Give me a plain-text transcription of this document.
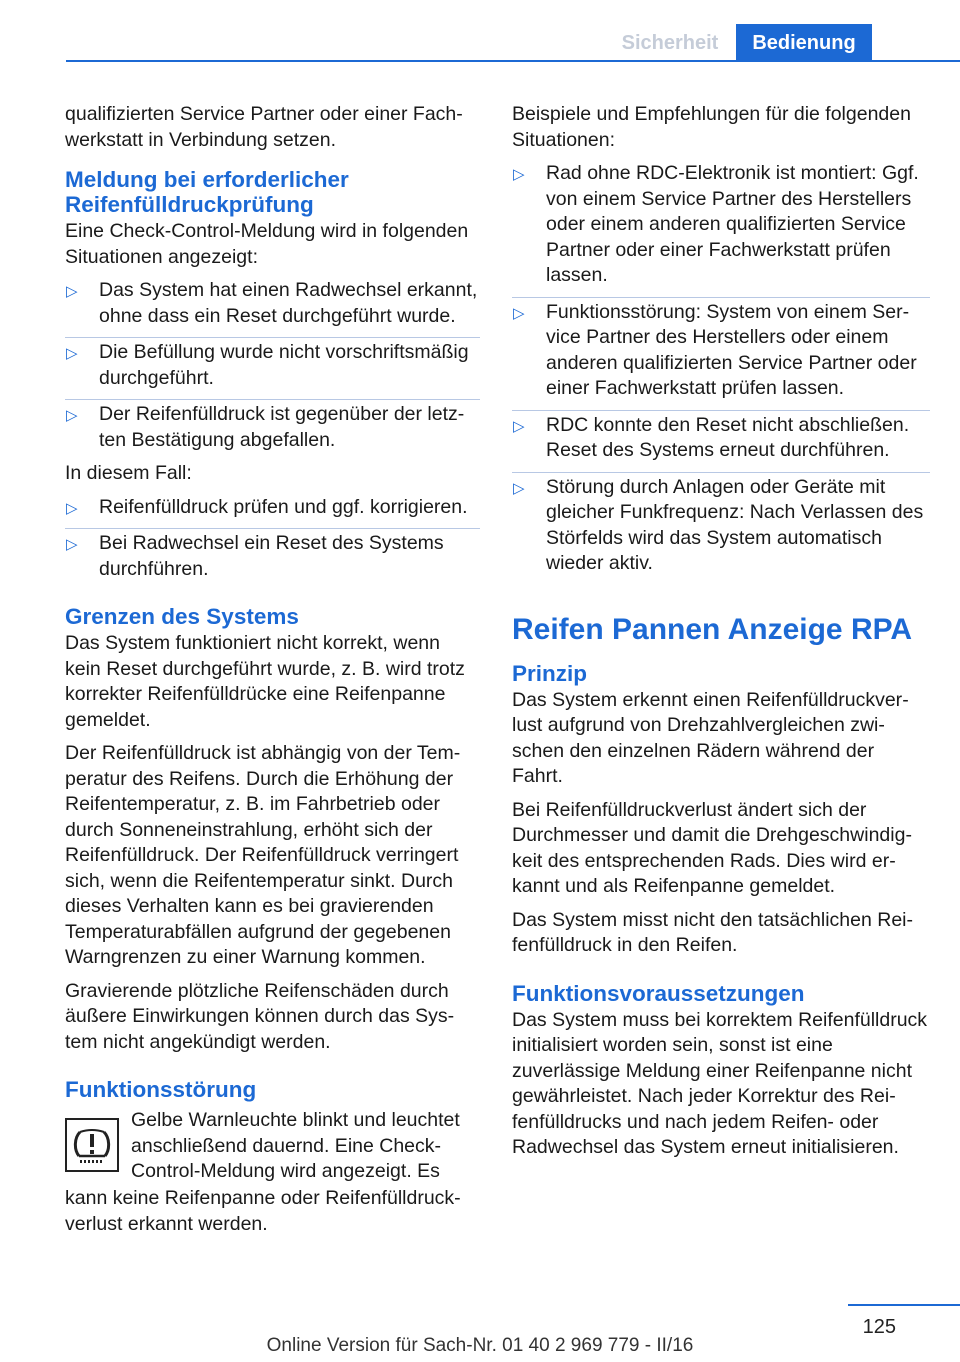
Sicherheit	Bedienung

qualifizierten Service Partner oder einer Fachwerkstatt in Verbindung setzen.

Meldung bei erforderlicher Reifenfülldruckprüfung

Eine Check-Control-Meldung wird in folgenden Situationen angezeigt:

▷ Das System hat einen Radwechsel erkannt, ohne dass ein Reset durchgeführt wurde.
▷ Die Befüllung wurde nicht vorschriftsmäßig durchgeführt.
▷ Der Reifenfülldruck ist gegenüber der letzten Bestätigung abgefallen.

In diesem Fall:

▷ Reifenfülldruck prüfen und ggf. korrigieren.
▷ Bei Radwechsel ein Reset des Systems durchführen.
Grenzen des Systems

Das System funktioniert nicht korrekt, wenn kein Reset durchgeführt wurde, z. B. wird trotz korrekter Reifenfülldrücke eine Reifenpanne gemeldet.

Der Reifenfülldruck ist abhängig von der Temperatur des Reifens. Durch die Erhöhung der Reifentemperatur, z. B. im Fahrbetrieb oder durch Sonneneinstrahlung, erhöht sich der Reifenfülldruck. Der Reifenfülldruck verringert sich, wenn die Reifentemperatur sinkt. Durch dieses Verhalten kann es bei gravierenden Temperaturabfällen aufgrund der gegebenen Warngrenzen zu einer Warnung kommen.

Gravierende plötzliche Reifenschäden durch äußere Einwirkungen können durch das System nicht angekündigt werden.

Funktionsstörung
Gelbe Warnleuchte blinkt und leuchtet anschließend dauernd. Eine Check-Control-Meldung wird angezeigt. Es

kann keine Reifenpanne oder Reifenfülldruckverlust erkannt werden.

Beispiele und Empfehlungen für die folgenden Situationen:

▷ Rad ohne RDC-Elektronik ist montiert: Ggf. von einem Service Partner des Herstellers oder einem anderen qualifizierten Service Partner oder einer Fachwerkstatt prüfen lassen.
▷ Funktionsstörung: System von einem Service Partner des Herstellers oder einem anderen qualifizierten Service Partner oder einer Fachwerkstatt prüfen lassen.
▷ RDC konnte den Reset nicht abschließen. Reset des Systems erneut durchführen.
▷ Störung durch Anlagen oder Geräte mit gleicher Funkfrequenz: Nach Verlassen des Störfelds wird das System automatisch wieder aktiv.
Reifen Pannen Anzeige RPA
Prinzip

Das System erkennt einen Reifenfülldruckverlust aufgrund von Drehzahlvergleichen zwischen den einzelnen Rädern während der Fahrt.

Bei Reifenfülldruckverlust ändert sich der Durchmesser und damit die Drehgeschwindigkeit des entsprechenden Rads. Dies wird erkannt und als Reifenpanne gemeldet.

Das System misst nicht den tatsächlichen Reifenfülldruck in den Reifen.

Funktionsvoraussetzungen

Das System muss bei korrektem Reifenfülldruck initialisiert worden sein, sonst ist eine zuverlässige Meldung einer Reifenpanne nicht gewährleistet. Nach jeder Korrektur des Reifenfülldrucks und nach jedem Reifen- oder Radwechsel das System erneut initialisieren.

125
Online Version für Sach-Nr. 01 40 2 969 779 - II/16
